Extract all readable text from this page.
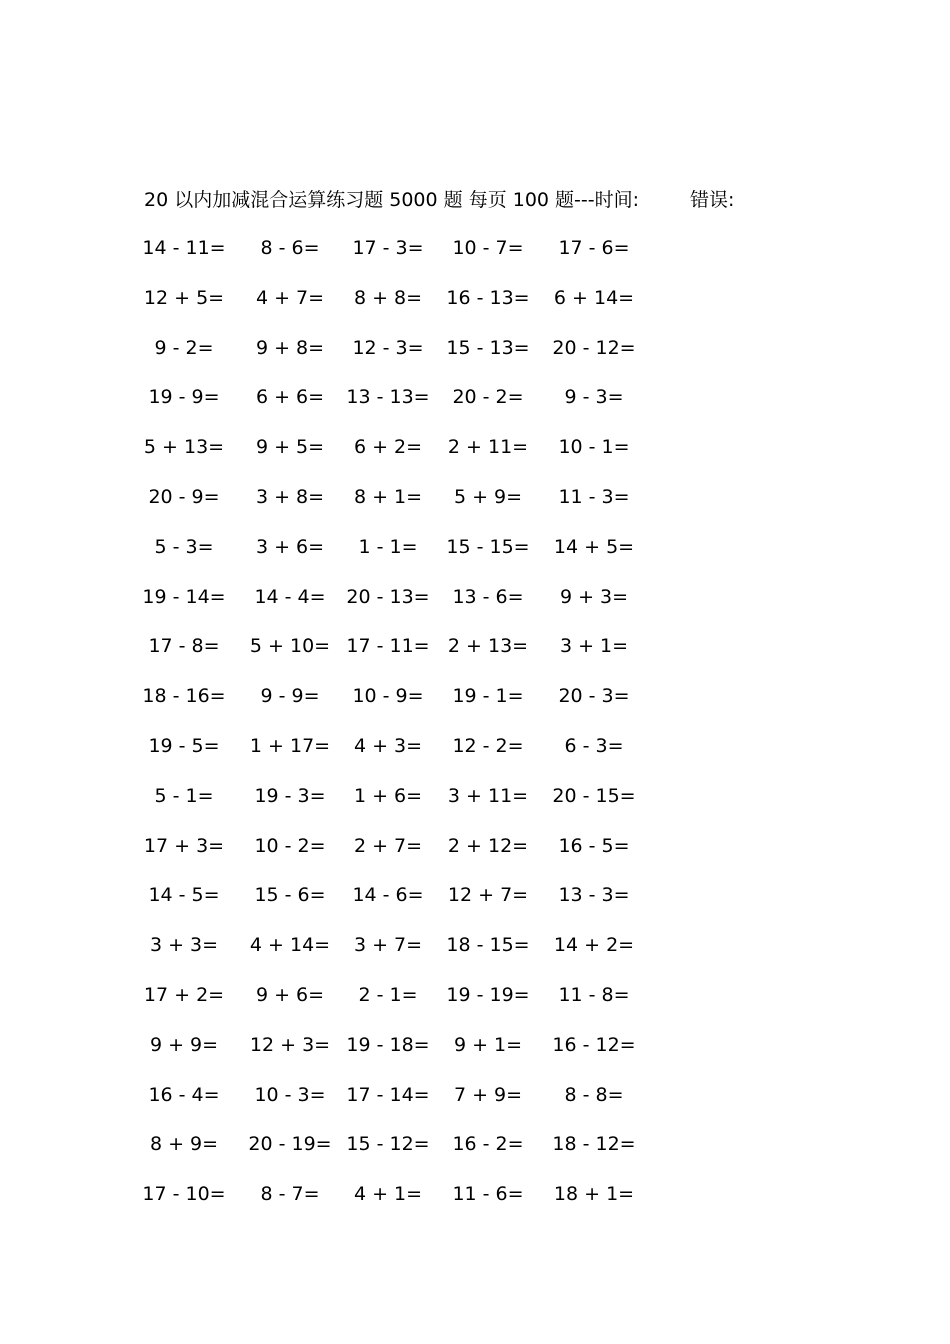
20 以内加减混合运算练习题 5000 题 每页 100 题---时间:	错误:
14 - 11=	8 - 6=	17 - 3=	10 - 7=	17 - 6=
12 + 5=	4 + 7=	8 + 8=	16 - 13=	6 + 14=
9 - 2=	9 + 8=	12 - 3=	15 - 13=	20 - 12=
19 - 9=	6 + 6=	13 - 13=	20 - 2=	9 - 3=
5 + 13=	9 + 5=	6 + 2=	2 + 11=	10 - 1=
20 - 9=	3 + 8=	8 + 1=	5 + 9=	11 - 3=
5 - 3=	3 + 6=	1 - 1=	15 - 15=	14 + 5=
19 - 14=	14 - 4=	20 - 13=	13 - 6=	9 + 3=
17 - 8=	5 + 10= 17 - 11= 2 + 13=	3 + 1=
18 - 16=	9 - 9=	10 - 9=	19 - 1=	20 - 3=
19 - 5=	1 + 17=	4 + 3=	12 - 2=	6 - 3=
5 - 1=	19 - 3=	1 + 6=	3 + 11=	20 - 15=
17 + 3=	10 - 2=	2 + 7=	2 + 12=	16 - 5=
14 - 5=	15 - 6=	14 - 6=	12 + 7=	13 - 3=
3 + 3=	4 + 14=	3 + 7=	18 - 15=	14 + 2=
17 + 2=	9 + 6=	2 - 1=	19 - 19=	11 - 8=
9 + 9=	12 + 3= 19 - 18=	9 + 1=	16 - 12=
16 - 4=	10 - 3=	17 - 14=	7 + 9=	8 - 8=
8 + 9=	20 - 19= 15 - 12=	16 - 2=	18 - 12=
17 - 10=	8 - 7=	4 + 1=	11 - 6=	18 + 1=
